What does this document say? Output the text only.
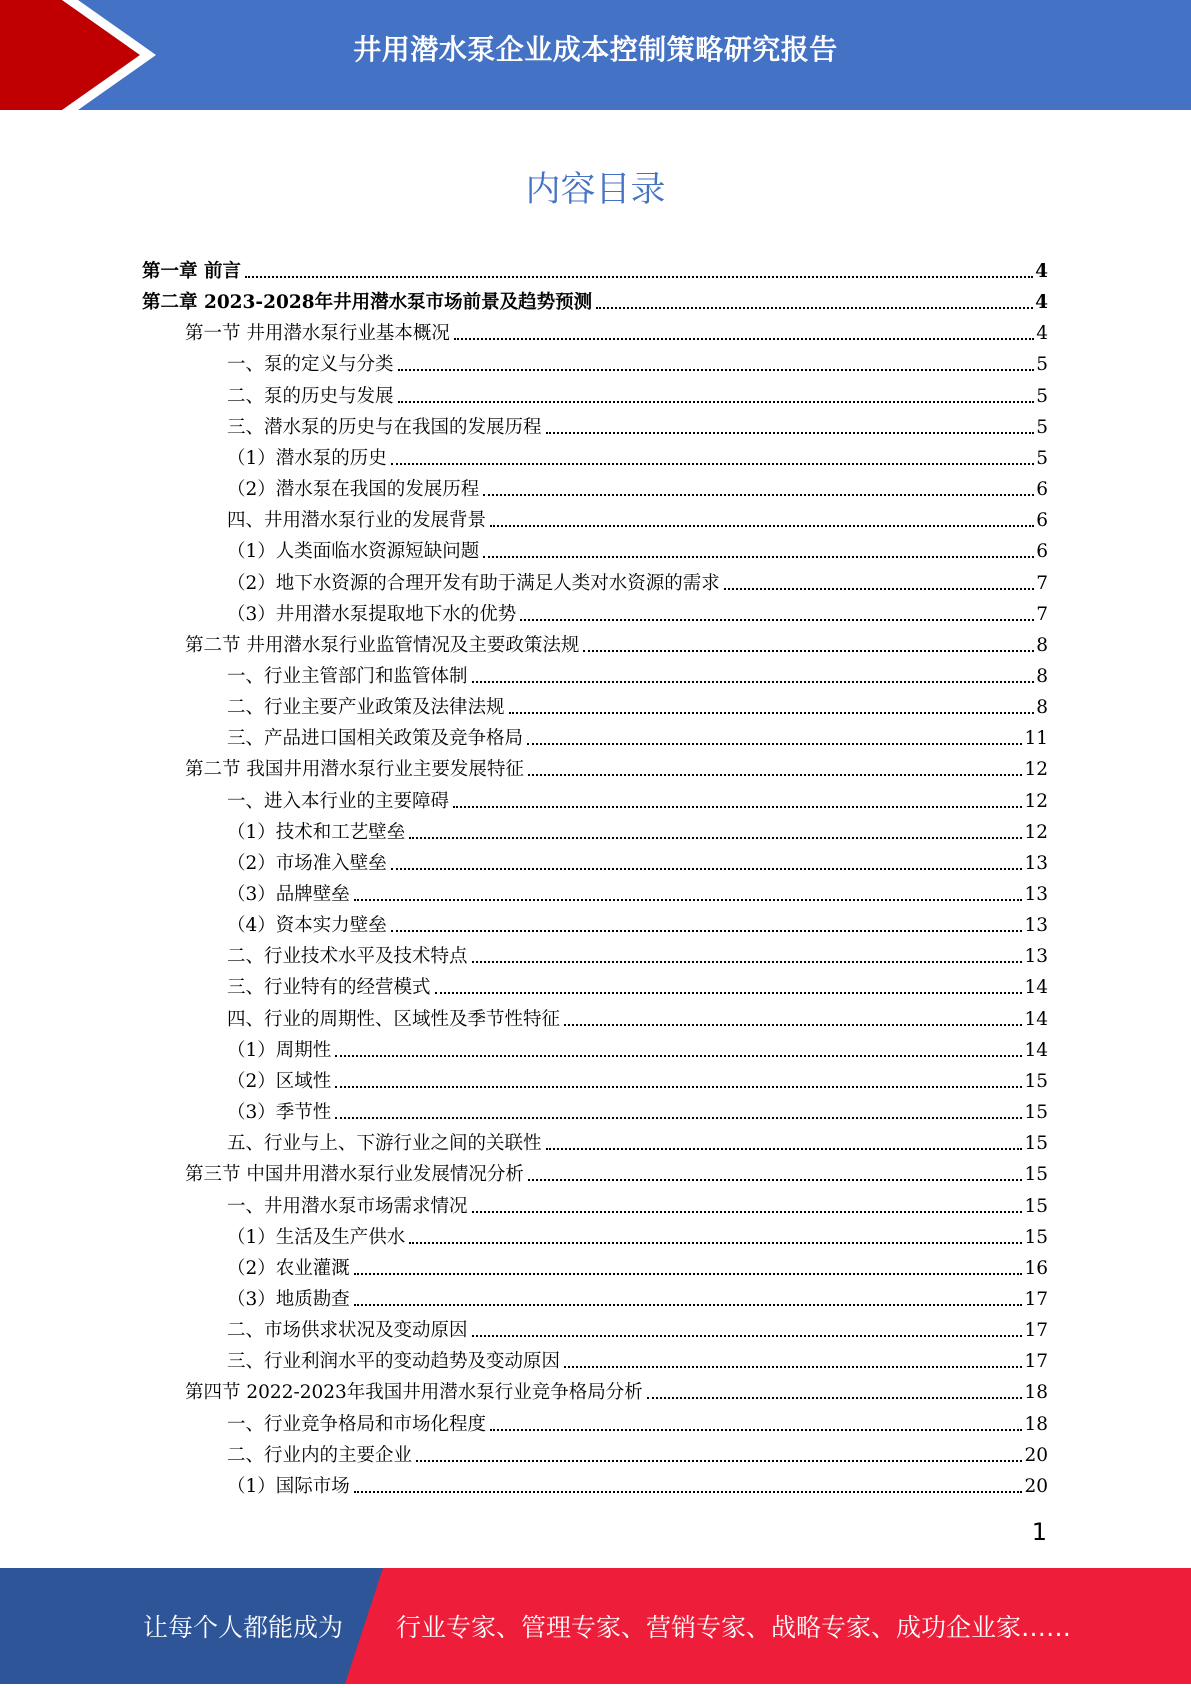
井用潜水泵企业成本控制策略研究报告
内容目录
第一章 前言	4
第二章 2023-2028年井用潜水泵市场前景及趋势预测	4
第一节 井用潜水泵行业基本概况	4
一、泵的定义与分类	5
二、泵的历史与发展	5
三、潜水泵的历史与在我国的发展历程	5
（1）潜水泵的历史	5
（2）潜水泵在我国的发展历程	6
四、井用潜水泵行业的发展背景	6
（1）人类面临水资源短缺问题	6
（2）地下水资源的合理开发有助于满足人类对水资源的需求	7
（3）井用潜水泵提取地下水的优势	7
第二节 井用潜水泵行业监管情况及主要政策法规	8
一、行业主管部门和监管体制	8
二、行业主要产业政策及法律法规	8
三、产品进口国相关政策及竞争格局	11
第二节 我国井用潜水泵行业主要发展特征	12
一、进入本行业的主要障碍	12
（1）技术和工艺壁垒	12
（2）市场准入壁垒	13
（3）品牌壁垒	13
（4）资本实力壁垒	13
二、行业技术水平及技术特点	13
三、行业特有的经营模式	14
四、行业的周期性、区域性及季节性特征	14
（1）周期性	14
（2）区域性	15
（3）季节性	15
五、行业与上、下游行业之间的关联性	15
第三节 中国井用潜水泵行业发展情况分析	15
一、井用潜水泵市场需求情况	15
（1）生活及生产供水	15
（2）农业灌溉	16
（3）地质勘查	17
二、市场供求状况及变动原因	17
三、行业利润水平的变动趋势及变动原因	17
第四节 2022-2023年我国井用潜水泵行业竞争格局分析	18
一、行业竞争格局和市场化程度	18
二、行业内的主要企业	20
（1）国际市场	20
1
让每个人都能成为 行业专家、管理专家、营销专家、战略专家、成功企业家……
